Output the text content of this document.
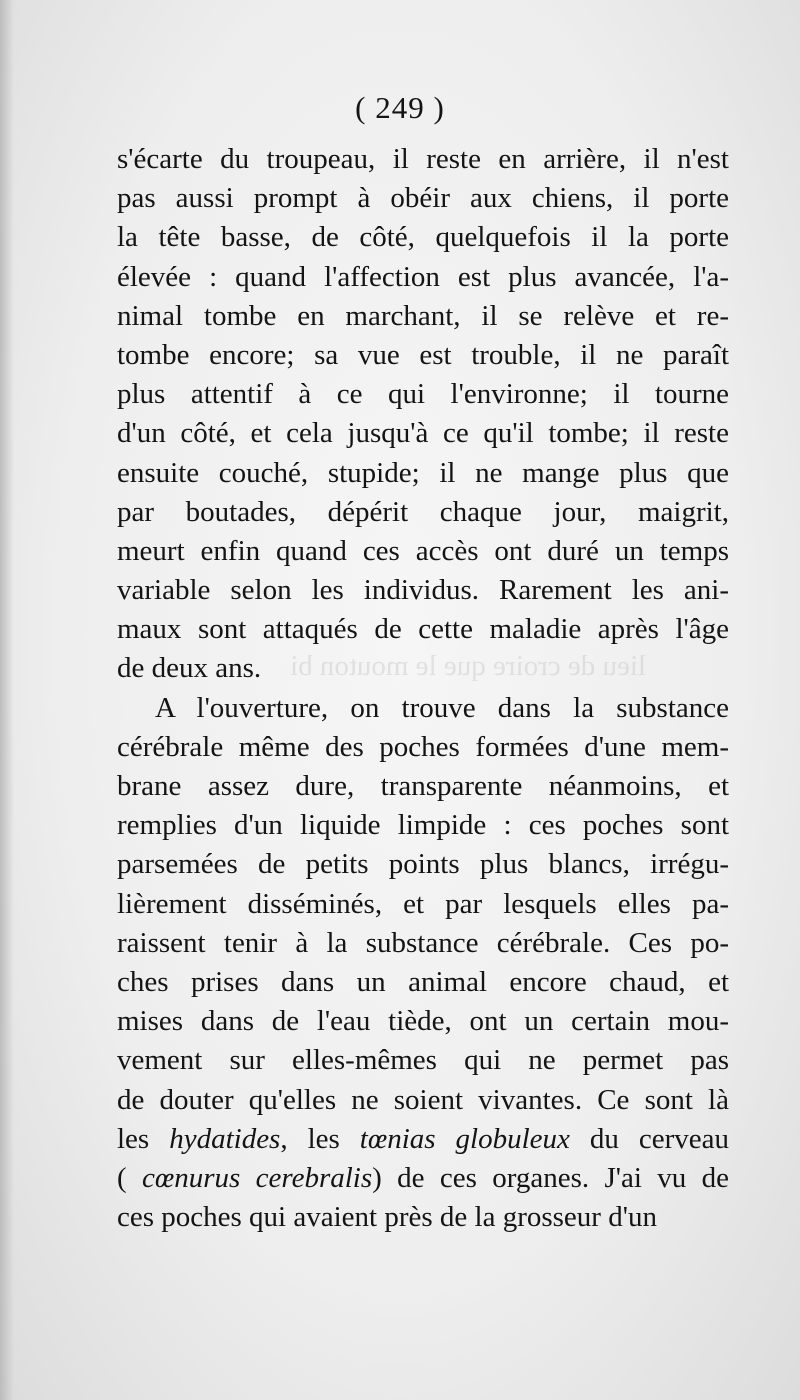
lieu de croire que le mouton bi
( 249 )
s'écarte du troupeau, il reste en arrière, il n'est
pas aussi prompt à obéir aux chiens, il porte
la tête basse, de côté, quelquefois il la porte
élevée : quand l'affection est plus avancée, l'a-
nimal tombe en marchant, il se relève et re-
tombe encore; sa vue est trouble, il ne paraît
plus attentif à ce qui l'environne; il tourne
d'un côté, et cela jusqu'à ce qu'il tombe; il reste
ensuite couché, stupide; il ne mange plus que
par boutades, dépérit chaque jour, maigrit,
meurt enfin quand ces accès ont duré un temps
variable selon les individus. Rarement les ani-
maux sont attaqués de cette maladie après l'âge
de deux ans.
A l'ouverture, on trouve dans la substance
cérébrale même des poches formées d'une mem-
brane assez dure, transparente néanmoins, et
remplies d'un liquide limpide : ces poches sont
parsemées de petits points plus blancs, irrégu-
lièrement disséminés, et par lesquels elles pa-
raissent tenir à la substance cérébrale. Ces po-
ches prises dans un animal encore chaud, et
mises dans de l'eau tiède, ont un certain mou-
vement sur elles-mêmes qui ne permet pas
de douter qu'elles ne soient vivantes. Ce sont là
les hydatides, les tœnias globuleux du cerveau
( cœnurus cerebralis) de ces organes. J'ai vu de
ces poches qui avaient près de la grosseur d'un
